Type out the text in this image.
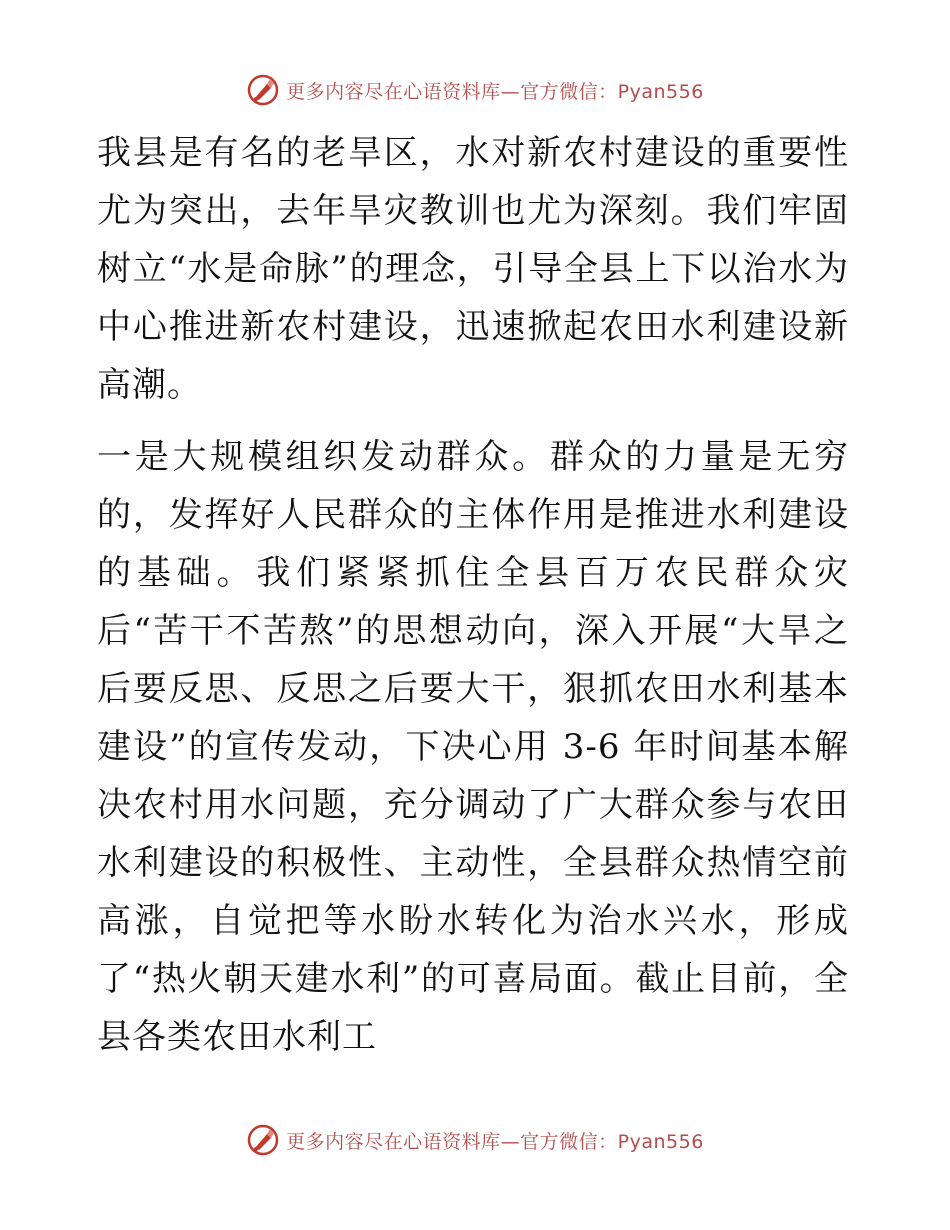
更多内容尽在心语资料库—官方微信：Pyan556

我县是有名的老旱区，水对新农村建设的重要性尤为突出，去年旱灾教训也尤为深刻。我们牢固树立“水是命脉”的理念，引导全县上下以治水为中心推进新农村建设，迅速掀起农田水利建设新高潮。

一是大规模组织发动群众。群众的力量是无穷的，发挥好人民群众的主体作用是推进水利建设的基础。我们紧紧抓住全县百万农民群众灾后“苦干不苦熬”的思想动向，深入开展“大旱之后要反思、反思之后要大干，狠抓农田水利基本建设”的宣传发动，下决心用 3-6 年时间基本解决农村用水问题，充分调动了广大群众参与农田水利建设的积极性、主动性，全县群众热情空前高涨，自觉把等水盼水转化为治水兴水，形成了“热火朝天建水利”的可喜局面。截止目前，全县各类农田水利工

更多内容尽在心语资料库—官方微信：Pyan556
